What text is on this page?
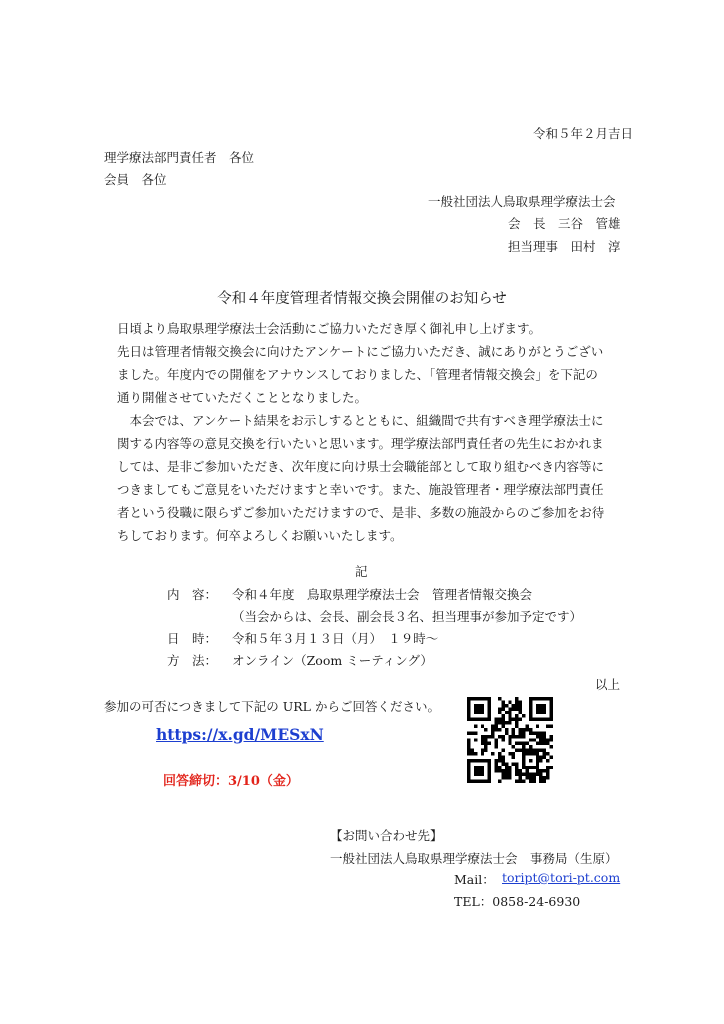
令和５年２月吉日
理学療法部門責任者　各位
会員　各位
一般社団法人鳥取県理学療法士会
会　長　三谷　管雄
担当理事　田村　淳
令和４年度管理者情報交換会開催のお知らせ
日頃より鳥取県理学療法士会活動にご協力いただき厚く御礼申し上げます。
先日は管理者情報交換会に向けたアンケートにご協力いただき、誠にありがとうござい
ました。年度内での開催をアナウンスしておりました、「管理者情報交換会」を下記の
通り開催させていただくこととなりました。
　本会では、アンケート結果をお示しするとともに、組織間で共有すべき理学療法士に
関する内容等の意見交換を行いたいと思います。理学療法部門責任者の先生におかれま
しては、是非ご参加いただき、次年度に向け県士会職能部として取り組むべき内容等に
つきましてもご意見をいただけますと幸いです。また、施設管理者・理学療法部門責任
者という役職に限らずご参加いただけますので、是非、多数の施設からのご参加をお待
ちしております。何卒よろしくお願いいたします。
記
内　容： 令和４年度　鳥取県理学療法士会　管理者情報交換会
（当会からは、会長、副会長３名、担当理事が参加予定です）
日　時： 令和５年３月１３日（月）　１９時～
方　法： オンライン（Zoom ミーティング）
以上
参加の可否につきまして下記の URL からご回答ください。
https://x.gd/MESxN
回答締切：3/10（金）
【お問い合わせ先】
一般社団法人鳥取県理学療法士会　事務局（生原）
Mail： toript@tori-pt.com
TEL：0858-24-6930
